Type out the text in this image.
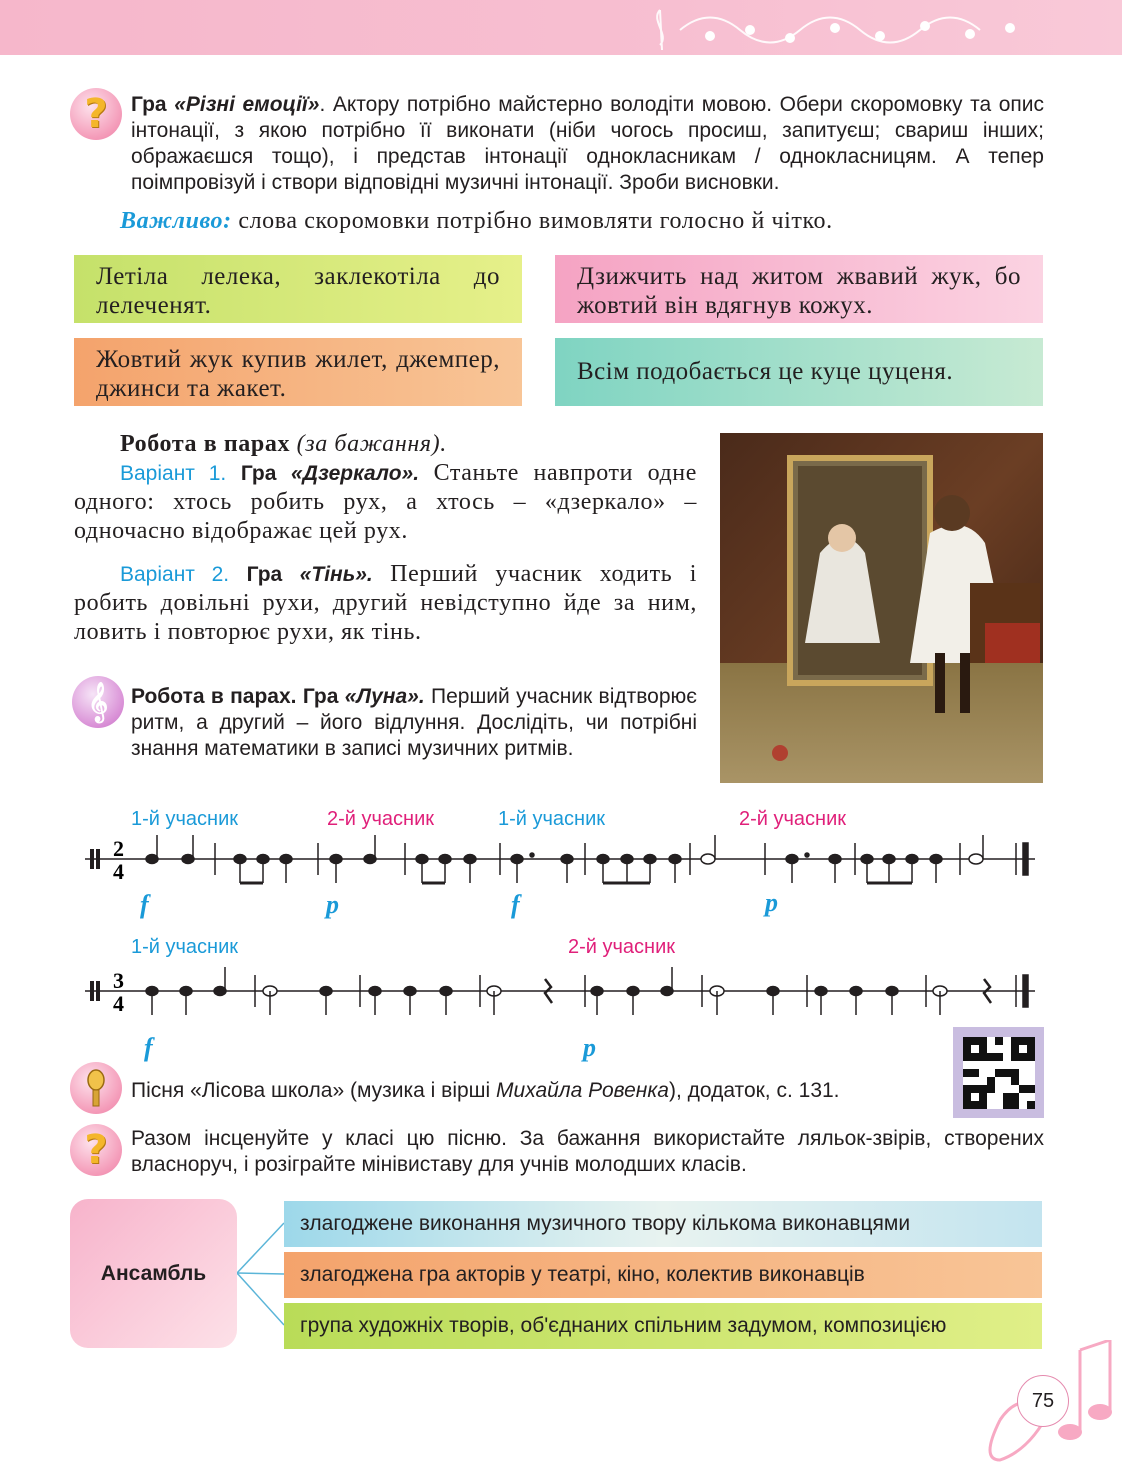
? Гра «Різні емоції». Актору потрібно майстерно володіти мовою. Обери скоромовку та опис інтонації, з якою потрібно її виконати (ніби чогось просиш, запитуєш; свариш інших; ображаєшся тощо), і представ інтонації однокласникам / однокласницям. А тепер поімпровізуй і створи відповідні музичні інтонації. Зроби висновки.
Важливо: слова скоромовки потрібно вимовляти голосно й чітко.
Летіла лелека, заклекотіла до лелеченят.
Дзижчить над житом жвавий жук, бо жовтий він вдягнув кожух.
Жовтий жук купив жилет, джемпер, джинси та жакет.
Всім подобається це куце цуценя.
Робота в парах (за бажання).
Варіант 1. Гра «Дзеркало». Станьте навпроти одне одного: хтось робить рух, а хтось – «дзеркало» – одночасно відображає цей рух.
Варіант 2. Гра «Тінь». Перший учасник ходить і робить довільні рухи, другий невідступно йде за ним, ловить і повторює рухи, як тінь.
𝄞 Робота в парах. Гра «Луна». Перший учасник відтворює ритм, а другий – його відлуння. Дослідіть, чи потрібні знання математики в записі музичних ритмів.
1-й учасник	2-й учасник	1-й учасник	2-й учасник
2
4
f	p	f	p
1-й учасник	2-й учасник
3
4
f	p
Пісня «Лісова школа» (музика і вірші Михайла Ровенка), додаток, с. 131.
? Разом інсценуйте у класі цю пісню. За бажання використайте ляльок-звірів, створених власноруч, і розіграйте мінівиставу для учнів молодших класів.
Ансамбль
злагоджене виконання музичного твору кількома виконавцями
злагоджена гра акторів у театрі, кіно, колектив виконавців
група художніх творів, об'єднаних спільним задумом, композицією
75
